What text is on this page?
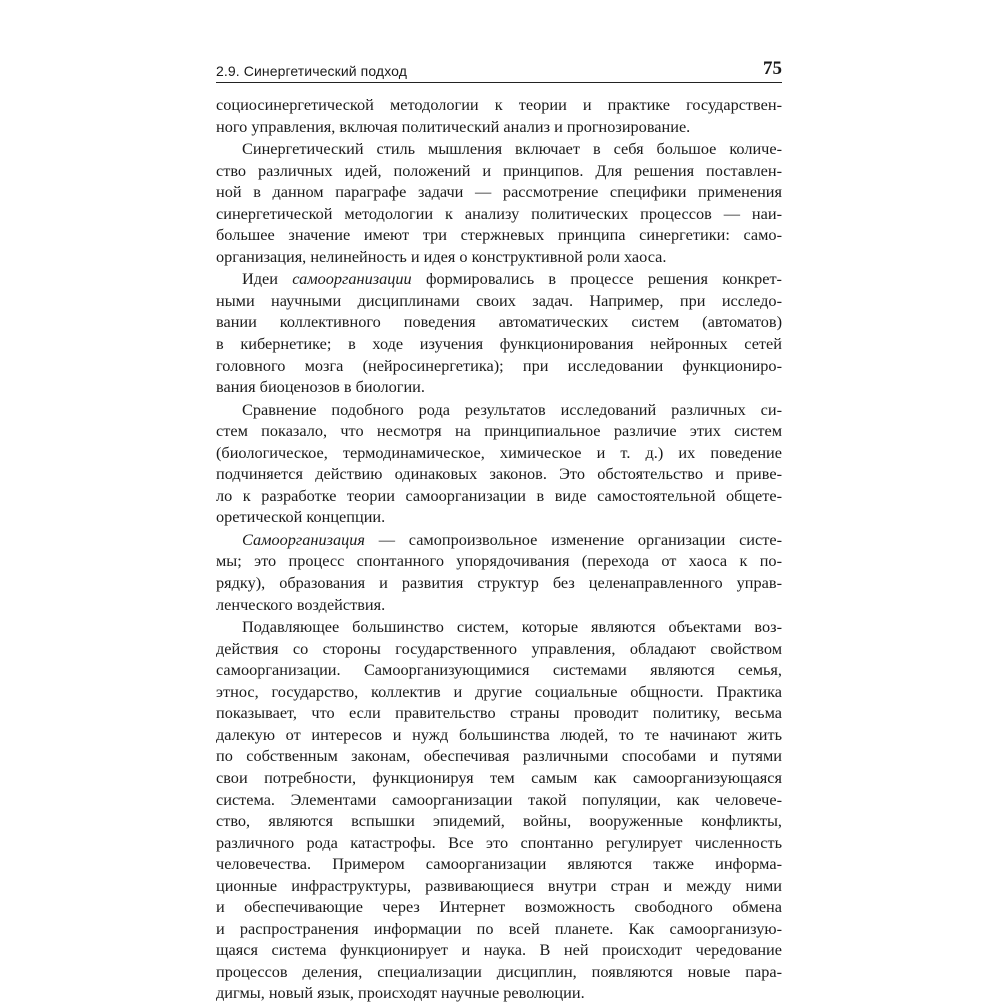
2.9. Синергетический подход	75
социосинергетической методологии к теории и практике государствен-
ного управления, включая политический анализ и прогнозирование.
Синергетический стиль мышления включает в себя большое количе-
ство различных идей, положений и принципов. Для решения поставлен-
ной в данном параграфе задачи — рассмотрение специфики применения
синергетической методологии к анализу политических процессов — наи-
большее значение имеют три стержневых принципа синергетики: само-
организация, нелинейность и идея о конструктивной роли хаоса.
Идеи самоорганизации формировались в процессе решения конкрет-
ными научными дисциплинами своих задач. Например, при исследо-
вании коллективного поведения автоматических систем (автоматов)
в кибернетике; в ходе изучения функционирования нейронных сетей
головного мозга (нейросинергетика); при исследовании функциониро-
вания биоценозов в биологии.
Сравнение подобного рода результатов исследований различных си-
стем показало, что несмотря на принципиальное различие этих систем
(биологическое, термодинамическое, химическое и т. д.) их поведение
подчиняется действию одинаковых законов. Это обстоятельство и приве-
ло к разработке теории самоорганизации в виде самостоятельной общете-
оретической концепции.
Самоорганизация — самопроизвольное изменение организации систе-
мы; это процесс спонтанного упорядочивания (перехода от хаоса к по-
рядку), образования и развития структур без целенаправленного управ-
ленческого воздействия.
Подавляющее большинство систем, которые являются объектами воз-
действия со стороны государственного управления, обладают свойством
самоорганизации. Самоорганизующимися системами являются семья,
этнос, государство, коллектив и другие социальные общности. Практика
показывает, что если правительство страны проводит политику, весьма
далекую от интересов и нужд большинства людей, то те начинают жить
по собственным законам, обеспечивая различными способами и путями
свои потребности, функционируя тем самым как самоорганизующаяся
система. Элементами самоорганизации такой популяции, как человече-
ство, являются вспышки эпидемий, войны, вооруженные конфликты,
различного рода катастрофы. Все это спонтанно регулирует численность
человечества. Примером самоорганизации являются также информа-
ционные инфраструктуры, развивающиеся внутри стран и между ними
и обеспечивающие через Интернет возможность свободного обмена
и распространения информации по всей планете. Как самоорганизую-
щаяся система функционирует и наука. В ней происходит чередование
процессов деления, специализации дисциплин, появляются новые пара-
дигмы, новый язык, происходят научные революции.
